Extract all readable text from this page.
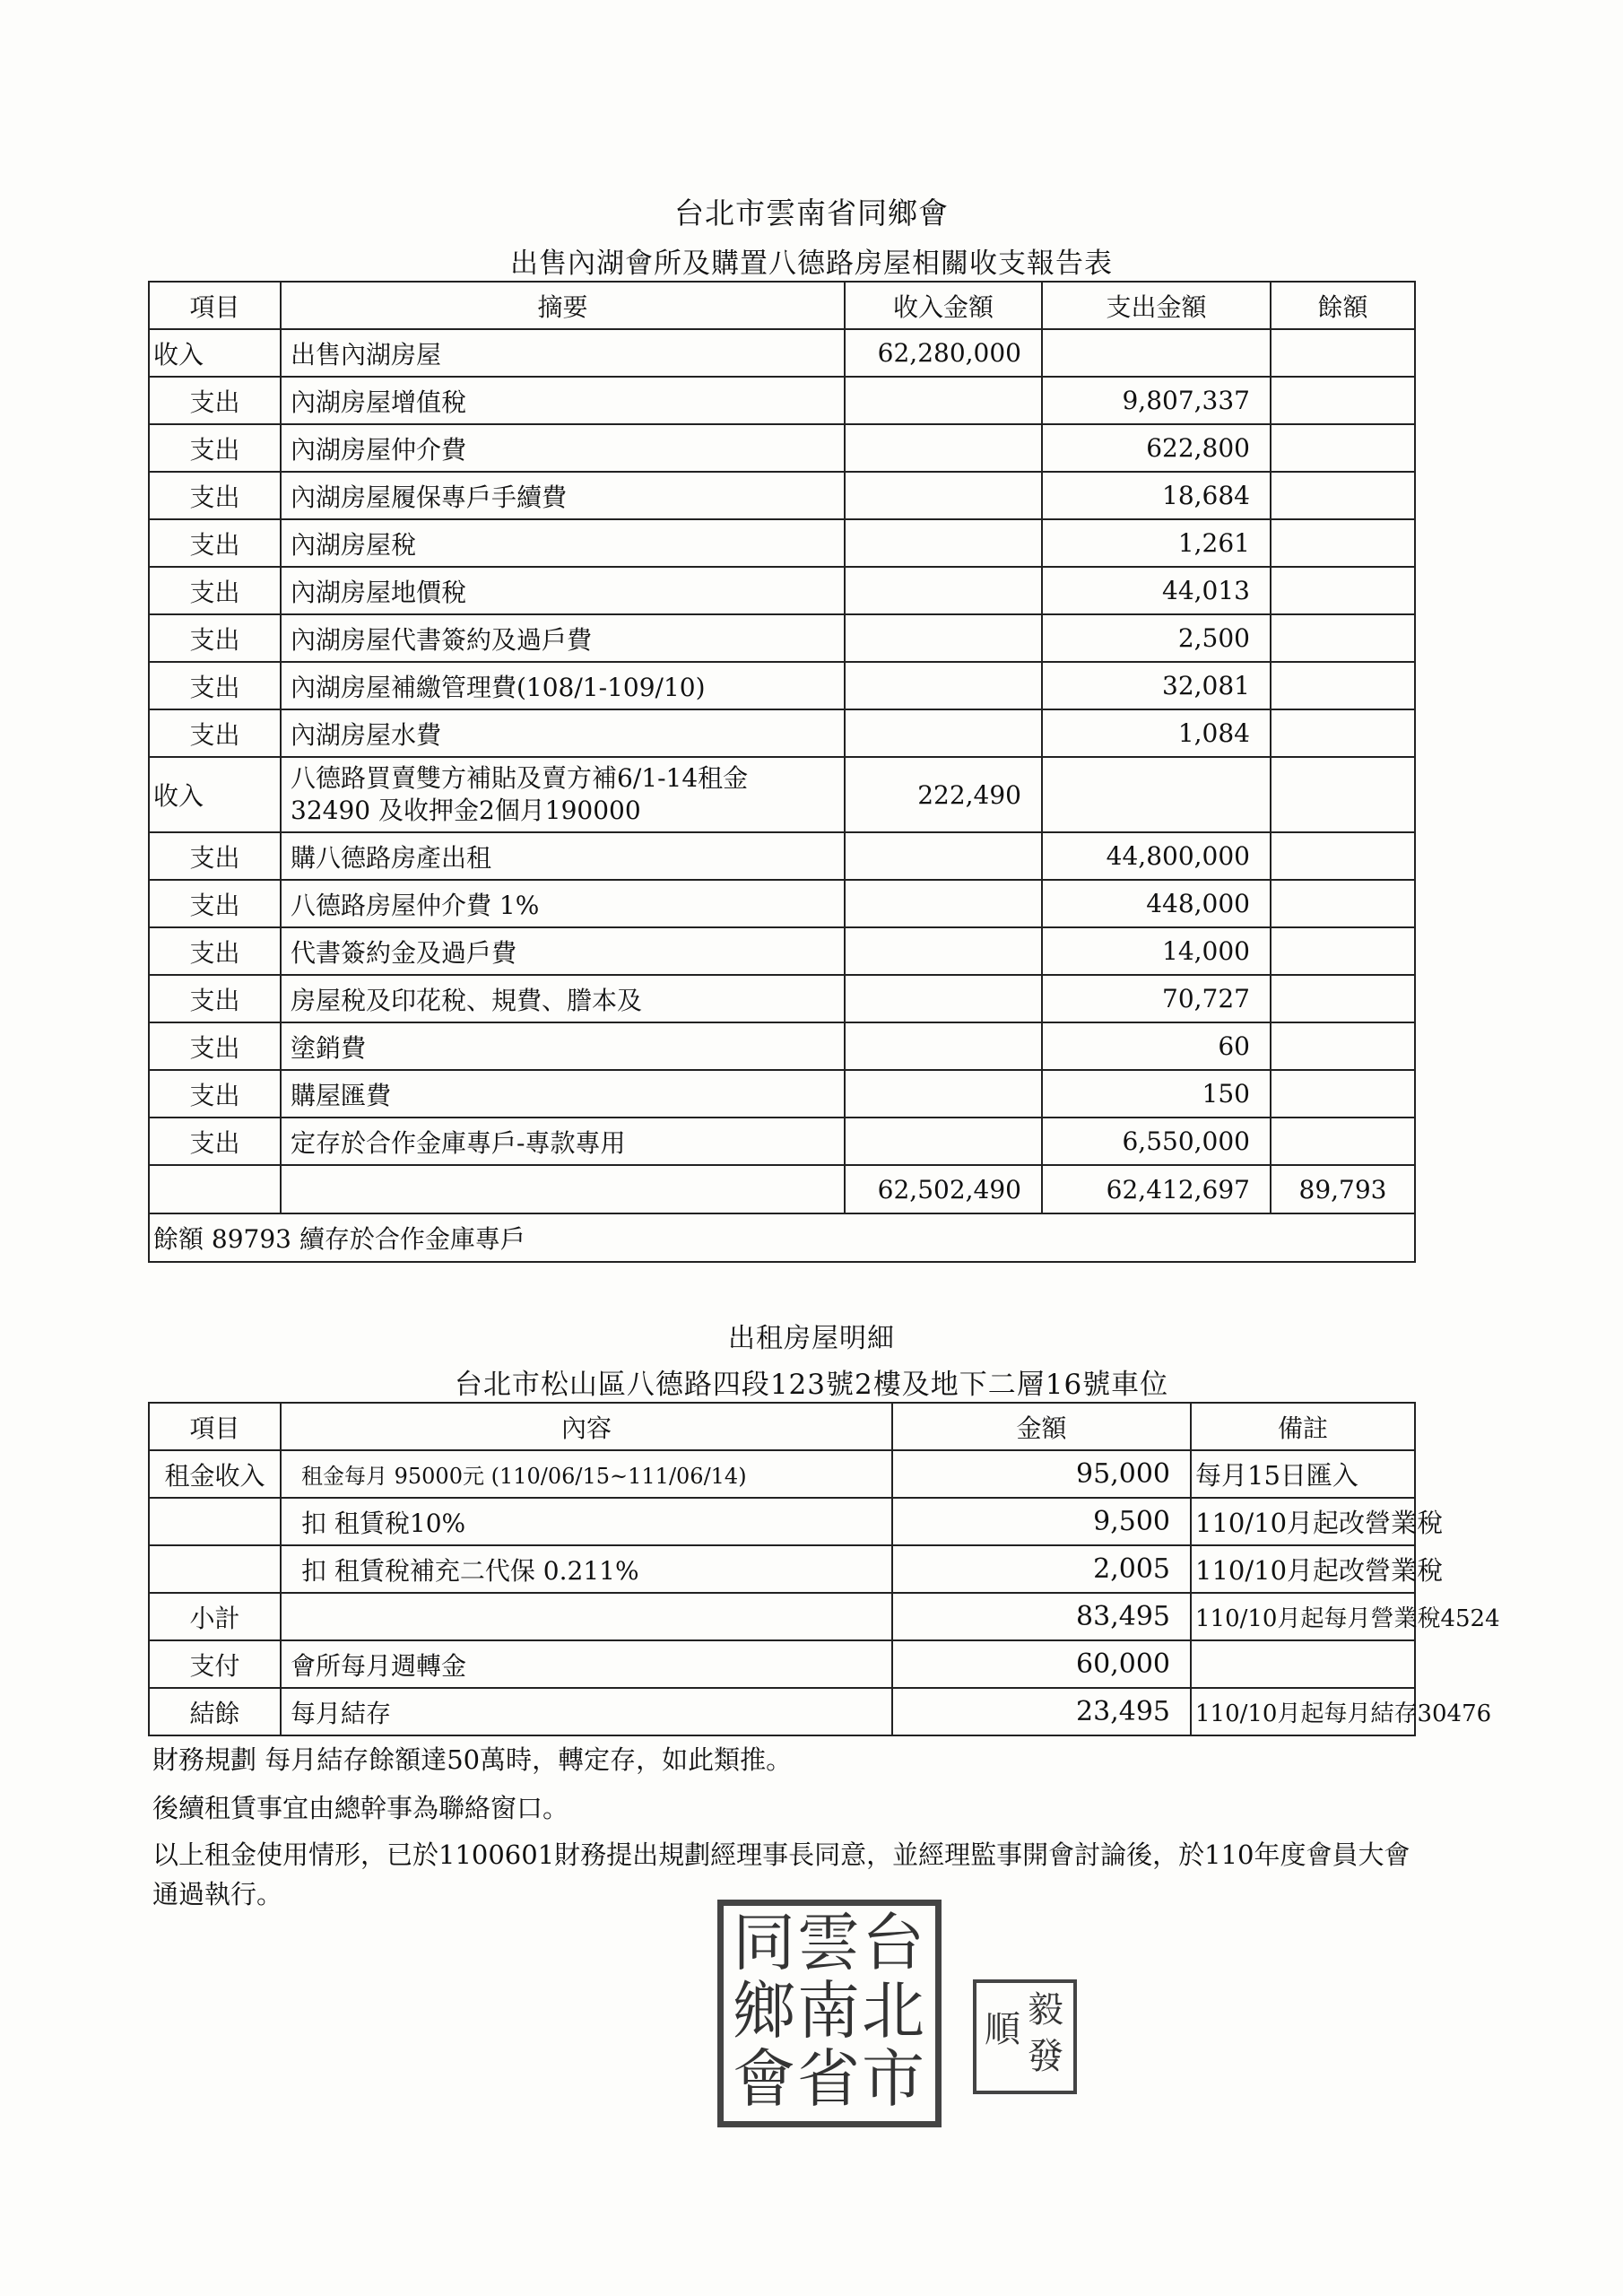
台北市雲南省同鄉會
出售內湖會所及購置八德路房屋相關收支報告表
項目	摘要	收入金額	支出金額	餘額
收入	出售內湖房屋	62,280,000		
支出	內湖房屋增值稅		9,807,337	
支出	內湖房屋仲介費		622,800	
支出	內湖房屋履保專戶手續費		18,684	
支出	內湖房屋稅		1,261	
支出	內湖房屋地價稅		44,013	
支出	內湖房屋代書簽約及過戶費		2,500	
支出	內湖房屋補繳管理費(108/1-109/10)		32,081	
支出	內湖房屋水費		1,084	
收入	八德路買賣雙方補貼及賣方補6/1-14租金
32490 及收押金2個月190000	222,490		
支出	購八德路房產出租		44,800,000	
支出	八德路房屋仲介費 1%		448,000	
支出	代書簽約金及過戶費		14,000	
支出	房屋稅及印花稅、規費、謄本及		70,727	
支出	塗銷費		60	
支出	購屋匯費		150	
支出	定存於合作金庫專戶-專款專用		6,550,000	
		62,502,490	62,412,697	89,793
餘額 89793 續存於合作金庫專戶				
出租房屋明細
台北市松山區八德路四段123號2樓及地下二層16號車位
項目	內容	金額	備註
租金收入	租金每月 95000元 (110/06/15~111/06/14)	95,000	每月15日匯入
	扣 租賃稅10%	9,500	110/10月起改營業稅
	扣 租賃稅補充二代保 0.211%	2,005	110/10月起改營業稅
小計		83,495	110/10月起每月營業稅4524
支付	會所每月週轉金	60,000	
結餘	每月結存	23,495	110/10月起每月結存30476
財務規劃 每月結存餘額達50萬時，轉定存，如此類推。
後續租賃事宜由總幹事為聯絡窗口。
以上租金使用情形，已於1100601財務提出規劃經理事長同意，並經理監事開會討論後，於110年度會員大會通過執行。
同 雲 台
鄉 南 北
會 省 市
毅
順
發
